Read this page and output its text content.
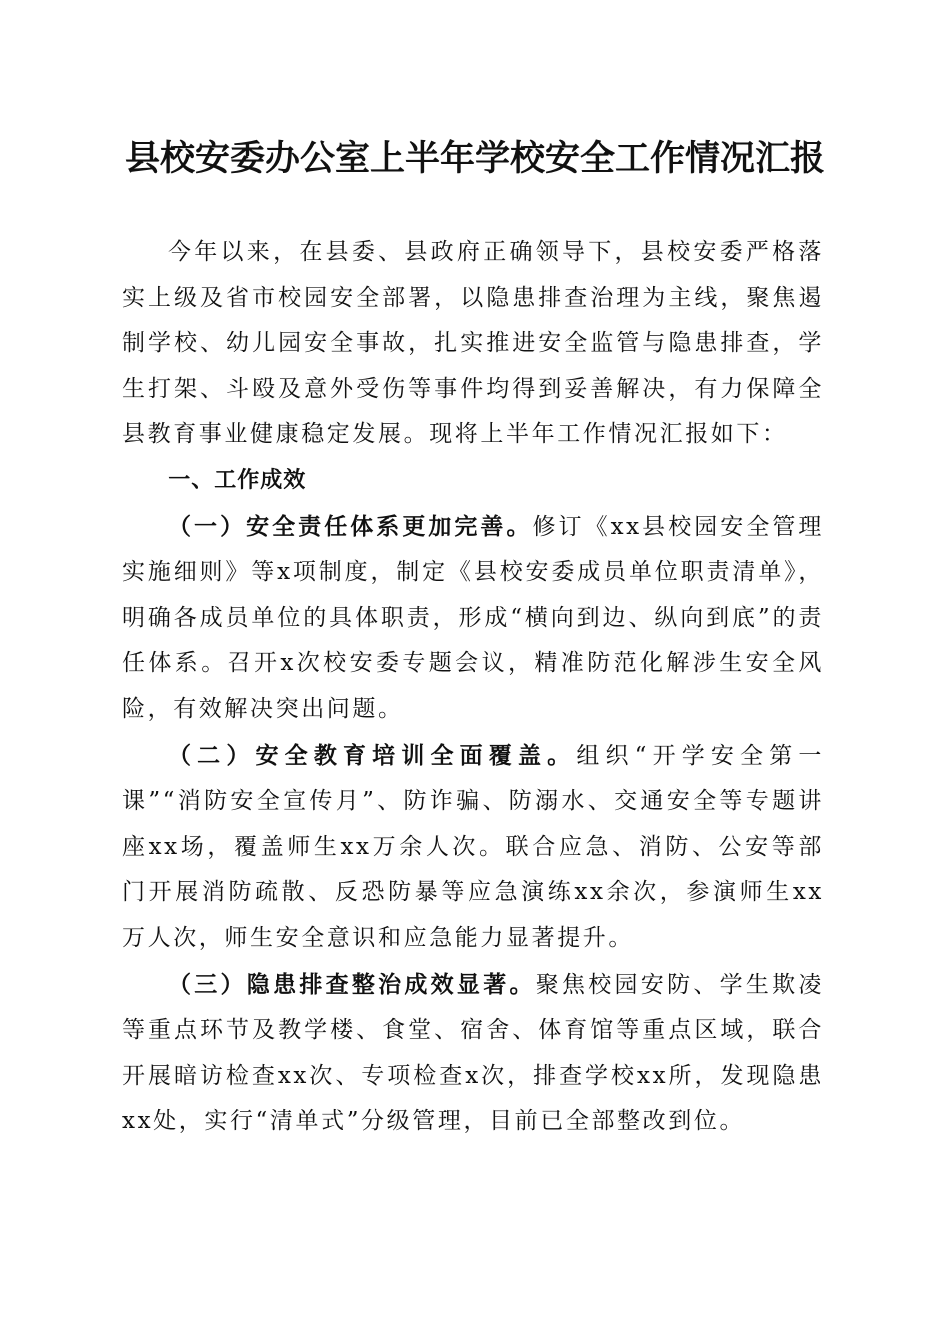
县校安委办公室上半年学校安全工作情况汇报

今年以来，在县委、县政府正确领导下，县校安委严格落实上级及省市校园安全部署，以隐患排查治理为主线，聚焦遏制学校、幼儿园安全事故，扎实推进安全监管与隐患排查，学生打架、斗殴及意外受伤等事件均得到妥善解决，有力保障全县教育事业健康稳定发展。现将上半年工作情况汇报如下：

一、工作成效

（一）安全责任体系更加完善。修订《xx县校园安全管理实施细则》等x项制度，制定《县校安委成员单位职责清单》，明确各成员单位的具体职责，形成“横向到边、纵向到底”的责任体系。召开x次校安委专题会议，精准防范化解涉生安全风险，有效解决突出问题。

（二）安全教育培训全面覆盖。组织“开学安全第一课”“消防安全宣传月”、防诈骗、防溺水、交通安全等专题讲座xx场，覆盖师生xx万余人次。联合应急、消防、公安等部门开展消防疏散、反恐防暴等应急演练xx余次，参演师生xx万人次，师生安全意识和应急能力显著提升。

（三）隐患排查整治成效显著。聚焦校园安防、学生欺凌等重点环节及教学楼、食堂、宿舍、体育馆等重点区域，联合开展暗访检查xx次、专项检查x次，排查学校xx所，发现隐患xx处，实行“清单式”分级管理，目前已全部整改到位。
